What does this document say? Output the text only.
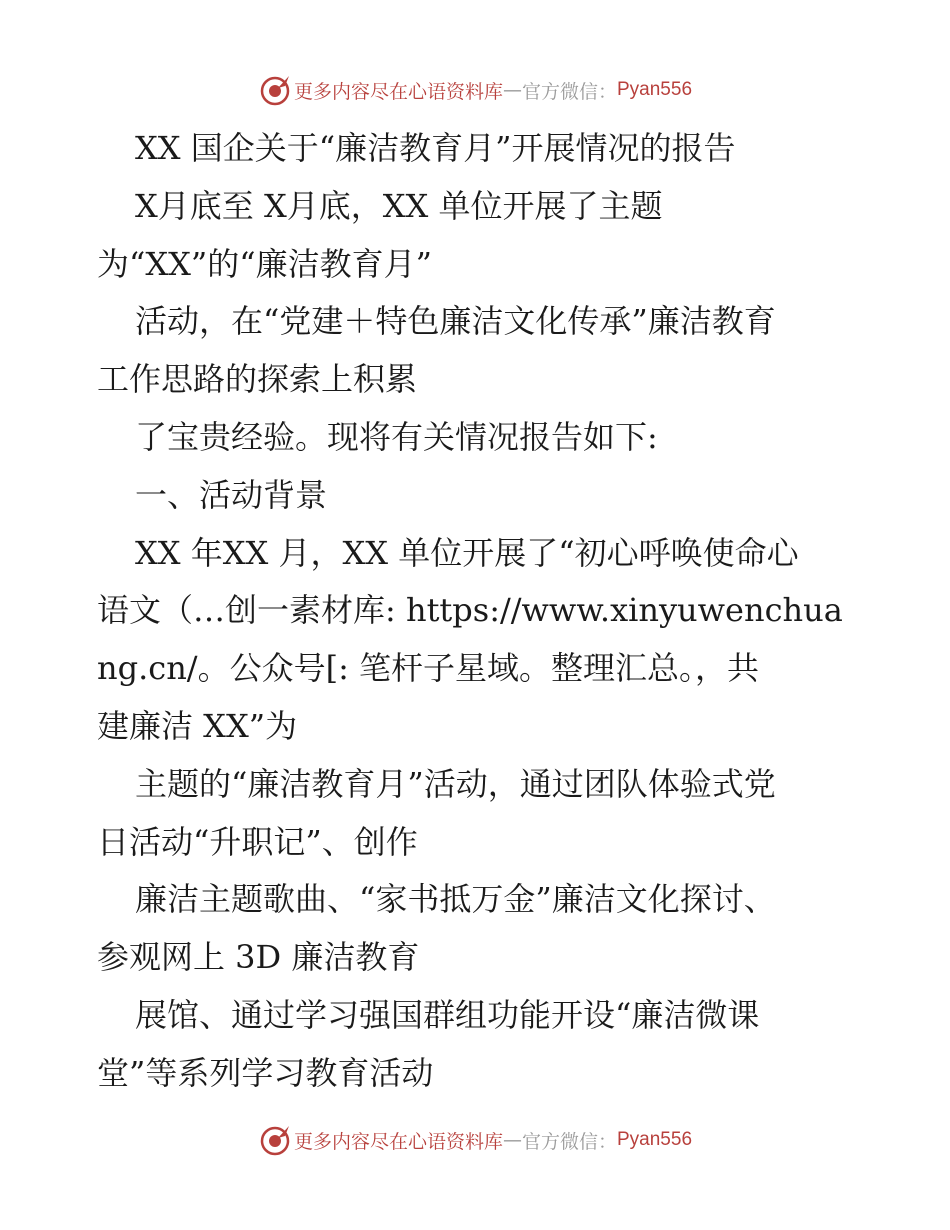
更多内容尽在心语资料库 — 官方微信： Pyan556
XX 国企关于“廉洁教育月”开展情况的报告
X月底至 X月底，XX 单位开展了主题
为“XX”的“廉洁教育月”
活动，在“党建＋特色廉洁文化传承”廉洁教育
工作思路的探索上积累
了宝贵经验。现将有关情况报告如下:
一、活动背景
XX 年XX 月，XX 单位开展了“初心呼唤使命心
语文（…创一素材库: https://www.xinyuwenchua
ng.cn/。公众号[: 笔杆子星域。整理汇总。，共
建廉洁 XX”为
主题的“廉洁教育月”活动，通过团队体验式党
日活动“升职记”、创作
廉洁主题歌曲、“家书抵万金”廉洁文化探讨、
参观网上 3D 廉洁教育
展馆、通过学习强国群组功能开设“廉洁微课
堂”等系列学习教育活动
更多内容尽在心语资料库 — 官方微信： Pyan556
